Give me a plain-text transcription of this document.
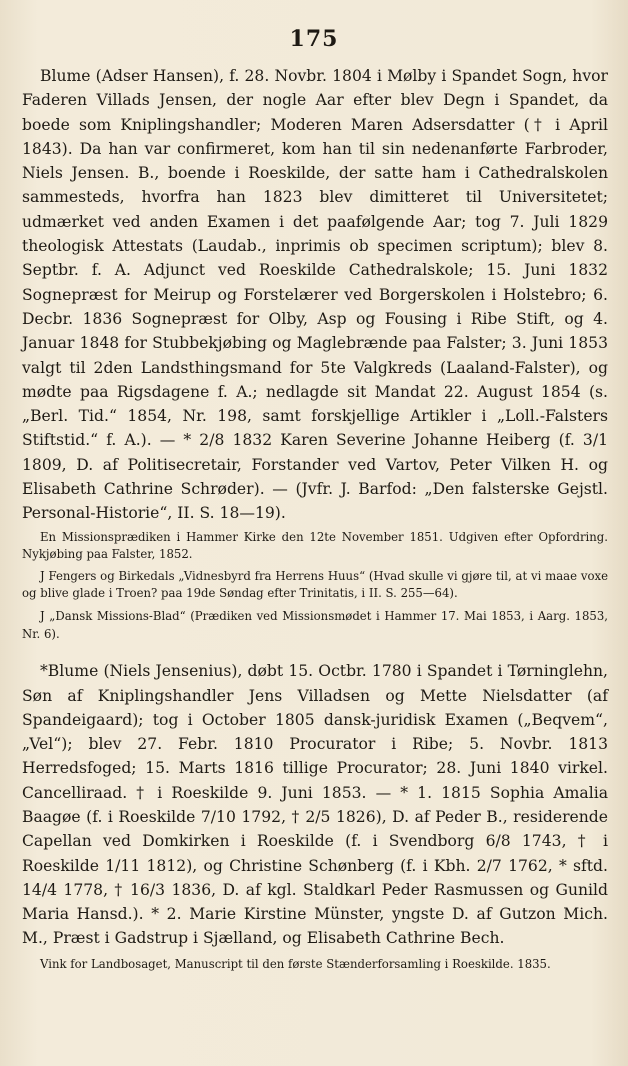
175

Blume (Adser Hansen), f. 28. Novbr. 1804 i Mølby i Spandet Sogn, hvor Faderen Villads Jensen, der nogle Aar efter blev Degn i Spandet, da boede som Kniplingshandler; Moderen Maren Adsersdatter († i April 1843). Da han var confirmeret, kom han til sin nedenanførte Farbroder, Niels Jensen. B., boende i Roeskilde, der satte ham i Cathedralskolen sammesteds, hvorfra han 1823 blev dimitteret til Universitetet; udmærket ved anden Examen i det paafølgende Aar; tog 7. Juli 1829 theologisk Attestats (Laudab., inprimis ob specimen scriptum); blev 8. Septbr. f. A. Adjunct ved Roeskilde Cathedralskole; 15. Juni 1832 Sognepræst for Meirup og Forstelærer ved Borgerskolen i Holstebro; 6. Decbr. 1836 Sognepræst for Olby, Asp og Fousing i Ribe Stift, og 4. Januar 1848 for Stubbekjøbing og Maglebrænde paa Falster; 3. Juni 1853 valgt til 2den Landsthingsmand for 5te Valgkreds (Laaland-Falster), og mødte paa Rigsdagene f. A.; nedlagde sit Mandat 22. August 1854 (s. „Berl. Tid.“ 1854, Nr. 198, samt forskjellige Artikler i „Loll.-Falsters Stiftstid.“ f. A.). — * 2/8 1832 Karen Severine Johanne Heiberg (f. 3/1 1809, D. af Politisecretair, Forstander ved Vartov, Peter Vilken H. og Elisabeth Cathrine Schrøder). — (Jvfr. J. Barfod: „Den falsterske Gejstl. Personal-Historie“, II. S. 18—19).

En Missionsprædiken i Hammer Kirke den 12te November 1851. Udgiven efter Opfordring. Nykjøbing paa Falster, 1852.

J Fengers og Birkedals „Vidnesbyrd fra Herrens Huus“ (Hvad skulle vi gjøre til, at vi maae voxe og blive glade i Troen? paa 19de Søndag efter Trinitatis, i II. S. 255—64).

J „Dansk Missions-Blad“ (Prædiken ved Missionsmødet i Hammer 17. Mai 1853, i Aarg. 1853, Nr. 6).

*Blume (Niels Jensenius), døbt 15. Octbr. 1780 i Spandet i Tørninglehn, Søn af Kniplingshandler Jens Villadsen og Mette Nielsdatter (af Spandeigaard); tog i October 1805 dansk-juridisk Examen („Beqvem“, „Vel“); blev 27. Febr. 1810 Procurator i Ribe; 5. Novbr. 1813 Herredsfoged; 15. Marts 1816 tillige Procurator; 28. Juni 1840 virkel. Cancelliraad. † i Roeskilde 9. Juni 1853. — * 1. 1815 Sophia Amalia Baagøe (f. i Roeskilde 7/10 1792, † 2/5 1826), D. af Peder B., residerende Capellan ved Domkirken i Roeskilde (f. i Svendborg 6/8 1743, † i Roeskilde 1/11 1812), og Christine Schønberg (f. i Kbh. 2/7 1762, * sftd. 14/4 1778, † 16/3 1836, D. af kgl. Staldkarl Peder Rasmussen og Gunild Maria Hansd.). * 2. Marie Kirstine Münster, yngste D. af Gutzon Mich. M., Præst i Gadstrup i Sjælland, og Elisabeth Cathrine Bech.

Vink for Landbosaget, Manuscript til den første Stænderforsamling i Roeskilde. 1835.
